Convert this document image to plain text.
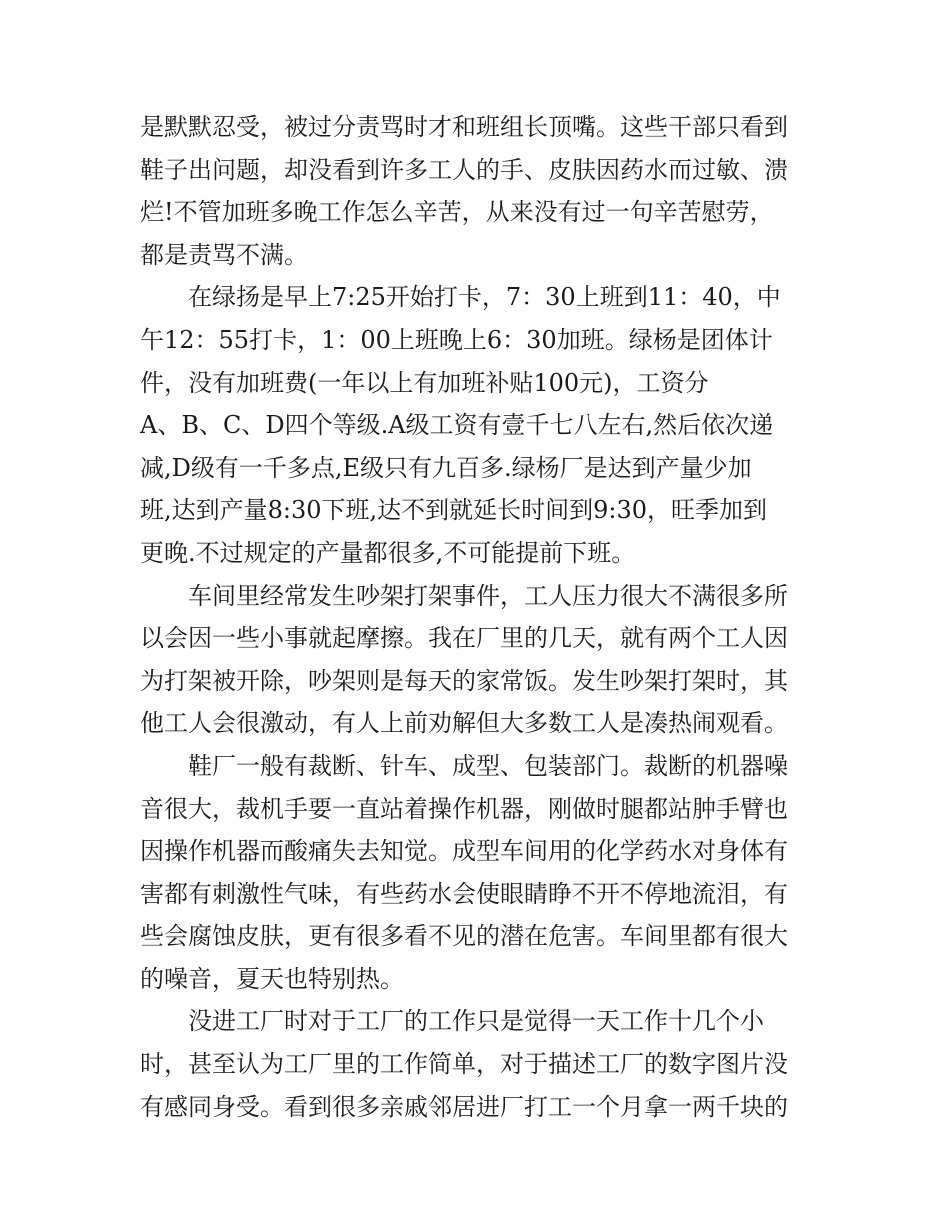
是默默忍受，被过分责骂时才和班组长顶嘴。这些干部只看到
鞋子出问题，却没看到许多工人的手、皮肤因药水而过敏、溃
烂!不管加班多晚工作怎么辛苦，从来没有过一句辛苦慰劳，
都是责骂不满。
在绿扬是早上7:25开始打卡，7：30上班到11：40，中
午12：55打卡，1：00上班晚上6：30加班。绿杨是团体计
件，没有加班费(一年以上有加班补贴100元)，工资分
A、B、C、D四个等级.A级工资有壹千七八左右,然后依次递
减,D级有一千多点,E级只有九百多.绿杨厂是达到产量少加
班,达到产量8:30下班,达不到就延长时间到9:30，旺季加到
更晚.不过规定的产量都很多,不可能提前下班。
车间里经常发生吵架打架事件，工人压力很大不满很多所
以会因一些小事就起摩擦。我在厂里的几天，就有两个工人因
为打架被开除，吵架则是每天的家常饭。发生吵架打架时，其
他工人会很激动，有人上前劝解但大多数工人是凑热闹观看。
鞋厂一般有裁断、针车、成型、包装部门。裁断的机器噪
音很大，裁机手要一直站着操作机器，刚做时腿都站肿手臂也
因操作机器而酸痛失去知觉。成型车间用的化学药水对身体有
害都有刺激性气味，有些药水会使眼睛睁不开不停地流泪，有
些会腐蚀皮肤，更有很多看不见的潜在危害。车间里都有很大
的噪音，夏天也特别热。
没进工厂时对于工厂的工作只是觉得一天工作十几个小
时，甚至认为工厂里的工作简单，对于描述工厂的数字图片没
有感同身受。看到很多亲戚邻居进厂打工一个月拿一两千块的
